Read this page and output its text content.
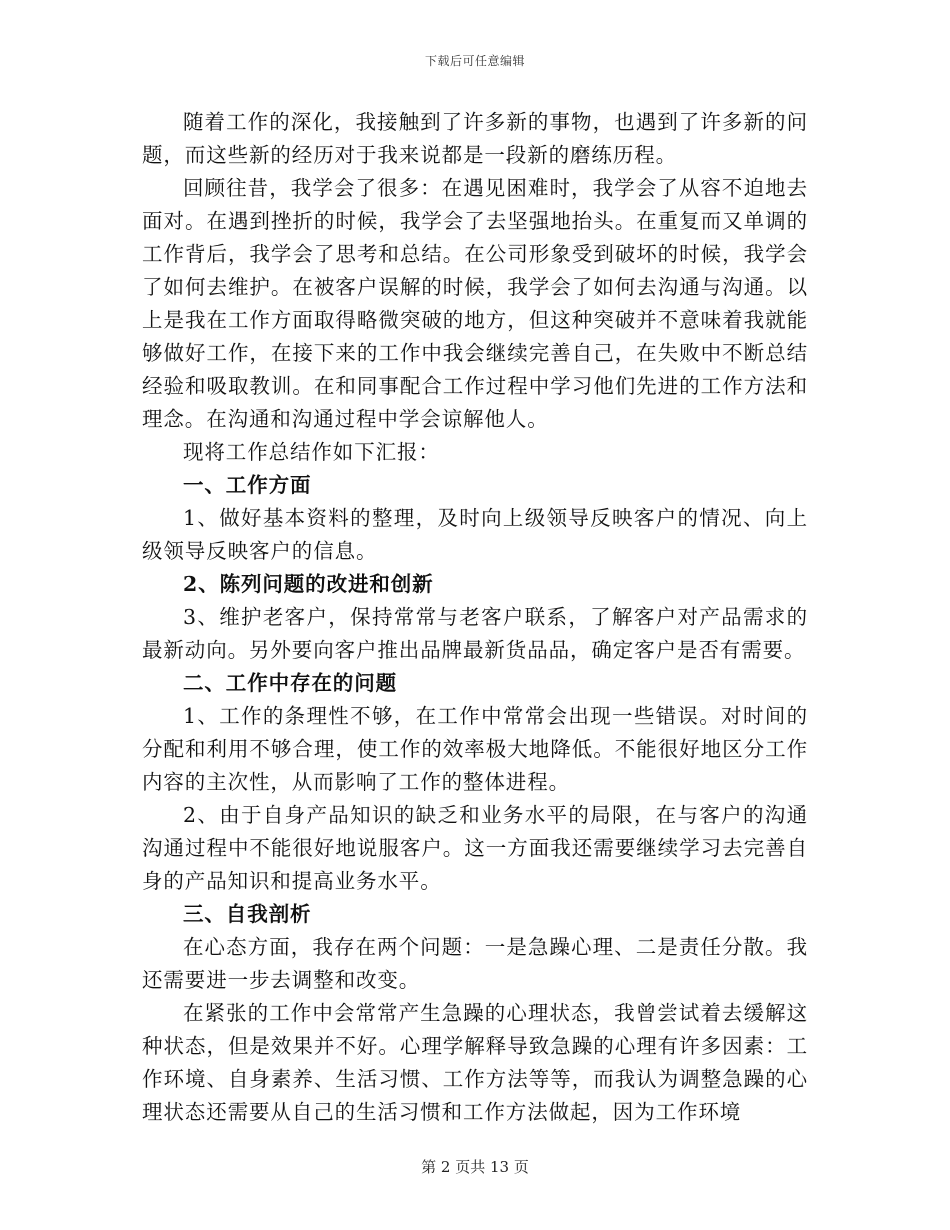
下载后可任意编辑

随着工作的深化，我接触到了许多新的事物，也遇到了许多新的问题，而这些新的经历对于我来说都是一段新的磨练历程。

回顾往昔，我学会了很多：在遇见困难时，我学会了从容不迫地去面对。在遇到挫折的时候，我学会了去坚强地抬头。在重复而又单调的工作背后，我学会了思考和总结。在公司形象受到破坏的时候，我学会了如何去维护。在被客户误解的时候，我学会了如何去沟通与沟通。以上是我在工作方面取得略微突破的地方，但这种突破并不意味着我就能够做好工作，在接下来的工作中我会继续完善自己，在失败中不断总结经验和吸取教训。在和同事配合工作过程中学习他们先进的工作方法和理念。在沟通和沟通过程中学会谅解他人。

现将工作总结作如下汇报：

一、工作方面

1、做好基本资料的整理，及时向上级领导反映客户的情况、向上级领导反映客户的信息。

2、陈列问题的改进和创新

3、维护老客户，保持常常与老客户联系，了解客户对产品需求的最新动向。另外要向客户推出品牌最新货品品，确定客户是否有需要。

二、工作中存在的问题

1、工作的条理性不够，在工作中常常会出现一些错误。对时间的分配和利用不够合理，使工作的效率极大地降低。不能很好地区分工作内容的主次性，从而影响了工作的整体进程。

2、由于自身产品知识的缺乏和业务水平的局限，在与客户的沟通沟通过程中不能很好地说服客户。这一方面我还需要继续学习去完善自身的产品知识和提高业务水平。

三、自我剖析

在心态方面，我存在两个问题：一是急躁心理、二是责任分散。我还需要进一步去调整和改变。

在紧张的工作中会常常产生急躁的心理状态，我曾尝试着去缓解这种状态，但是效果并不好。心理学解释导致急躁的心理有许多因素：工作环境、自身素养、生活习惯、工作方法等等，而我认为调整急躁的心理状态还需要从自己的生活习惯和工作方法做起，因为工作环境

第 2 页共 13 页
